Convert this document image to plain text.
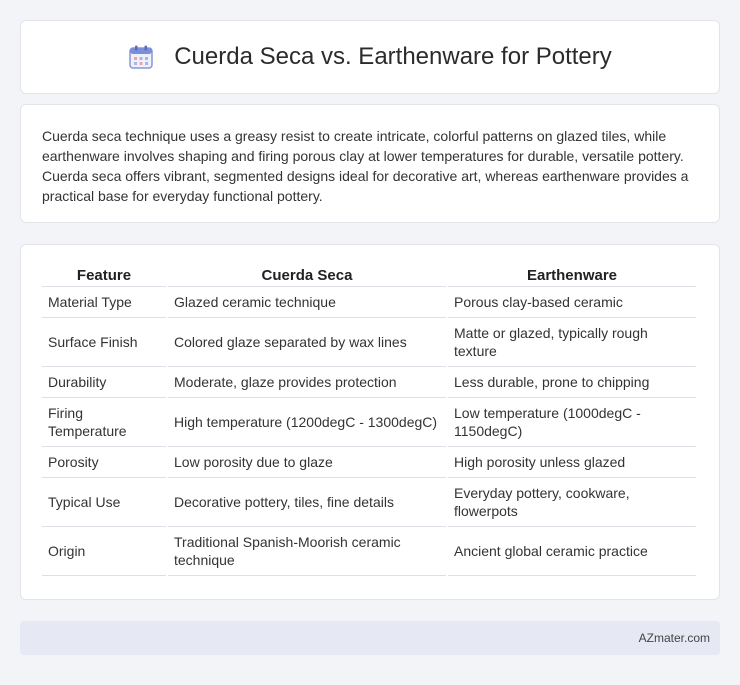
Cuerda Seca vs. Earthenware for Pottery

Cuerda seca technique uses a greasy resist to create intricate, colorful patterns on glazed tiles, while earthenware involves shaping and firing porous clay at lower temperatures for durable, versatile pottery. Cuerda seca offers vibrant, segmented designs ideal for decorative art, whereas earthenware provides a practical base for everyday functional pottery.

Feature	Cuerda Seca	Earthenware
Material Type	Glazed ceramic technique	Porous clay-based ceramic
Surface Finish	Colored glaze separated by wax lines	Matte or glazed, typically rough texture
Durability	Moderate, glaze provides protection	Less durable, prone to chipping
Firing Temperature	High temperature (1200degC - 1300degC)	Low temperature (1000degC - 1150degC)
Porosity	Low porosity due to glaze	High porosity unless glazed
Typical Use	Decorative pottery, tiles, fine details	Everyday pottery, cookware, flowerpots
Origin	Traditional Spanish-Moorish ceramic technique	Ancient global ceramic practice
AZmater.com
